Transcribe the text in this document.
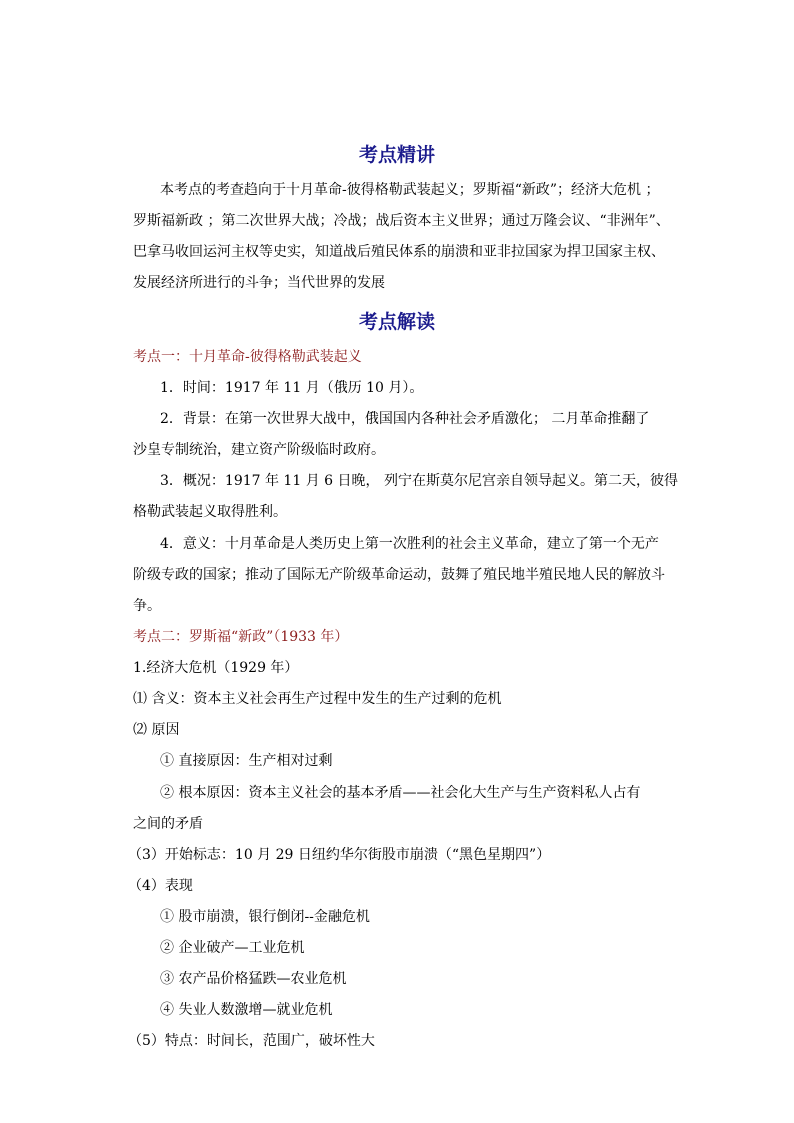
考点精讲
本考点的考查趋向于十月革命-彼得格勒武装起义；罗斯福“新政”；经济大危机 ；
罗斯福新政 ；第二次世界大战；冷战；战后资本主义世界；通过万隆会议、“非洲年”、
巴拿马收回运河主权等史实，知道战后殖民体系的崩溃和亚非拉国家为捍卫国家主权、
发展经济所进行的斗争；当代世界的发展
考点解读
考点一：十月革命-彼得格勒武装起义
1．时间：1917 年 11 月（俄历 10 月）。
2．背景：在第一次世界大战中，俄国国内各种社会矛盾激化； 二月革命推翻了
沙皇专制统治，建立资产阶级临时政府。
3．概况：1917 年 11 月 6 日晚， 列宁在斯莫尔尼宫亲自领导起义。第二天，彼得
格勒武装起义取得胜利。
4．意义：十月革命是人类历史上第一次胜利的社会主义革命，建立了第一个无产
阶级专政的国家；推动了国际无产阶级革命运动，鼓舞了殖民地半殖民地人民的解放斗
争。
考点二：罗斯福“新政”（1933 年）
1.经济大危机（1929 年）
⑴ 含义：资本主义社会再生产过程中发生的生产过剩的危机
⑵ 原因
① 直接原因：生产相对过剩
② 根本原因：资本主义社会的基本矛盾——社会化大生产与生产资料私人占有
之间的矛盾
（3）开始标志：10 月 29 日纽约华尔街股市崩溃（“黑色星期四”）
（4）表现
① 股市崩溃，银行倒闭--金融危机
② 企业破产—工业危机
③ 农产品价格猛跌—农业危机
④ 失业人数激增—就业危机
（5）特点：时间长，范围广，破坏性大
